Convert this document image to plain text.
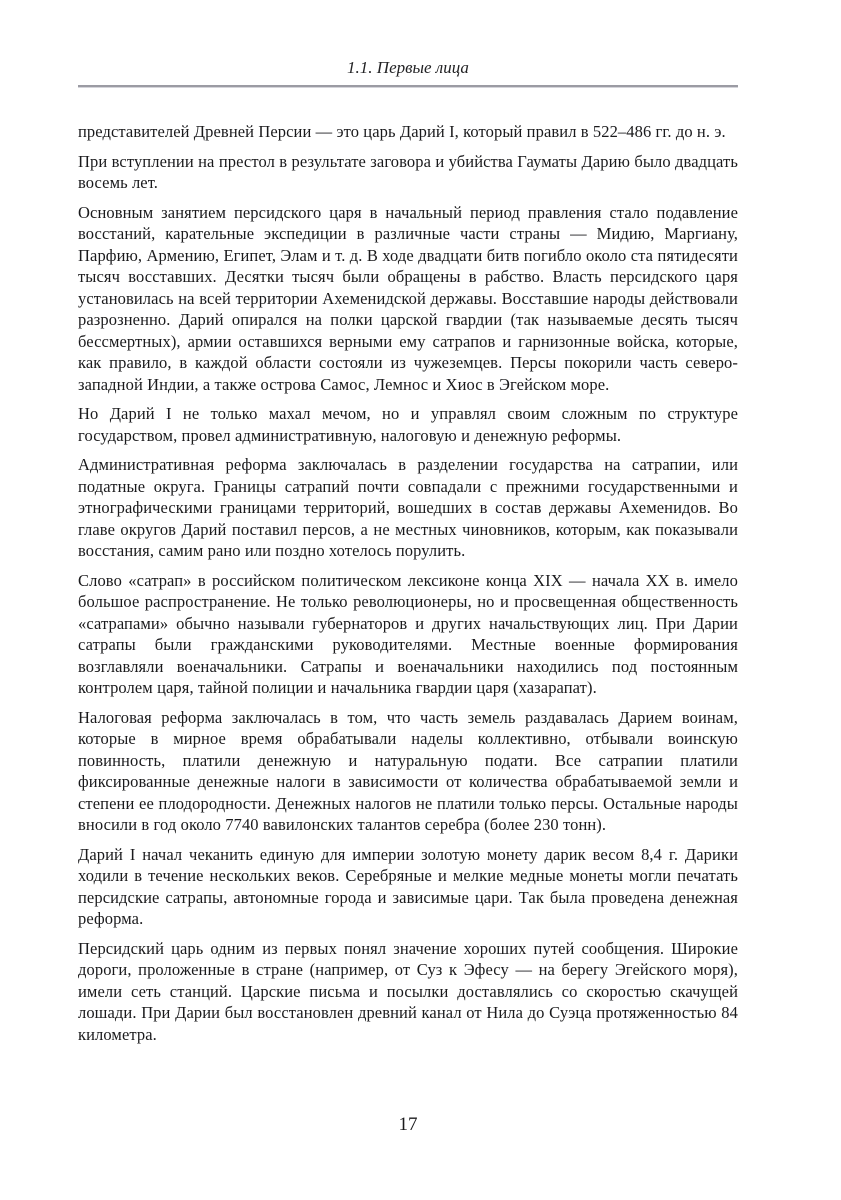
1.1. Первые лица

представителей Древней Персии — это царь Дарий I, который правил в 522–486 гг. до н. э.

При вступлении на престол в результате заговора и убийства Гауматы Дарию было двадцать восемь лет.

Основным занятием персидского царя в начальный период правления стало подавление восстаний, карательные экспедиции в различные части страны — Мидию, Маргиану, Парфию, Армению, Египет, Элам и т. д. В ходе двадцати битв погибло около ста пятидесяти тысяч восставших. Десятки тысяч были обращены в рабство. Власть персидского царя установилась на всей территории Ахеменидской державы. Восставшие народы действовали разрозненно. Дарий опирался на полки царской гвардии (так называемые десять тысяч бессмертных), армии оставшихся верными ему сатрапов и гарнизонные войска, которые, как правило, в каждой области состояли из чужеземцев. Персы покорили часть северо-западной Индии, а также острова Самос, Лемнос и Хиос в Эгейском море.

Но Дарий I не только махал мечом, но и управлял своим сложным по структуре государством, провел административную, налоговую и денежную реформы.

Административная реформа заключалась в разделении государства на сатрапии, или податные округа. Границы сатрапий почти совпадали с прежними государственными и этнографическими границами территорий, вошедших в состав державы Ахеменидов. Во главе округов Дарий поставил персов, а не местных чиновников, которым, как показывали восстания, самим рано или поздно хотелось порулить.

Слово «сатрап» в российском политическом лексиконе конца XIX — начала XX в. имело большое распространение. Не только революционеры, но и просвещенная общественность «сатрапами» обычно называли губернаторов и других начальствующих лиц. При Дарии сатрапы были гражданскими руководителями. Местные военные формирования возглавляли военачальники. Сатрапы и военачальники находились под постоянным контролем царя, тайной полиции и начальника гвардии царя (хазарапат).

Налоговая реформа заключалась в том, что часть земель раздавалась Дарием воинам, которые в мирное время обрабатывали наделы коллективно, отбывали воинскую повинность, платили денежную и натуральную подати. Все сатрапии платили фиксированные денежные налоги в зависимости от количества обрабатываемой земли и степени ее плодородности. Денежных налогов не платили только персы. Остальные народы вносили в год около 7740 вавилонских талантов серебра (более 230 тонн).

Дарий I начал чеканить единую для империи золотую монету дарик весом 8,4 г. Дарики ходили в течение нескольких веков. Серебряные и мелкие медные монеты могли печатать персидские сатрапы, автономные города и зависимые цари. Так была проведена денежная реформа.

Персидский царь одним из первых понял значение хороших путей сообщения. Широкие дороги, проложенные в стране (например, от Суз к Эфесу — на берегу Эгейского моря), имели сеть станций. Царские письма и посылки доставлялись со скоростью скачущей лошади. При Дарии был восстановлен древний канал от Нила до Суэца протяженностью 84 километра.

17
